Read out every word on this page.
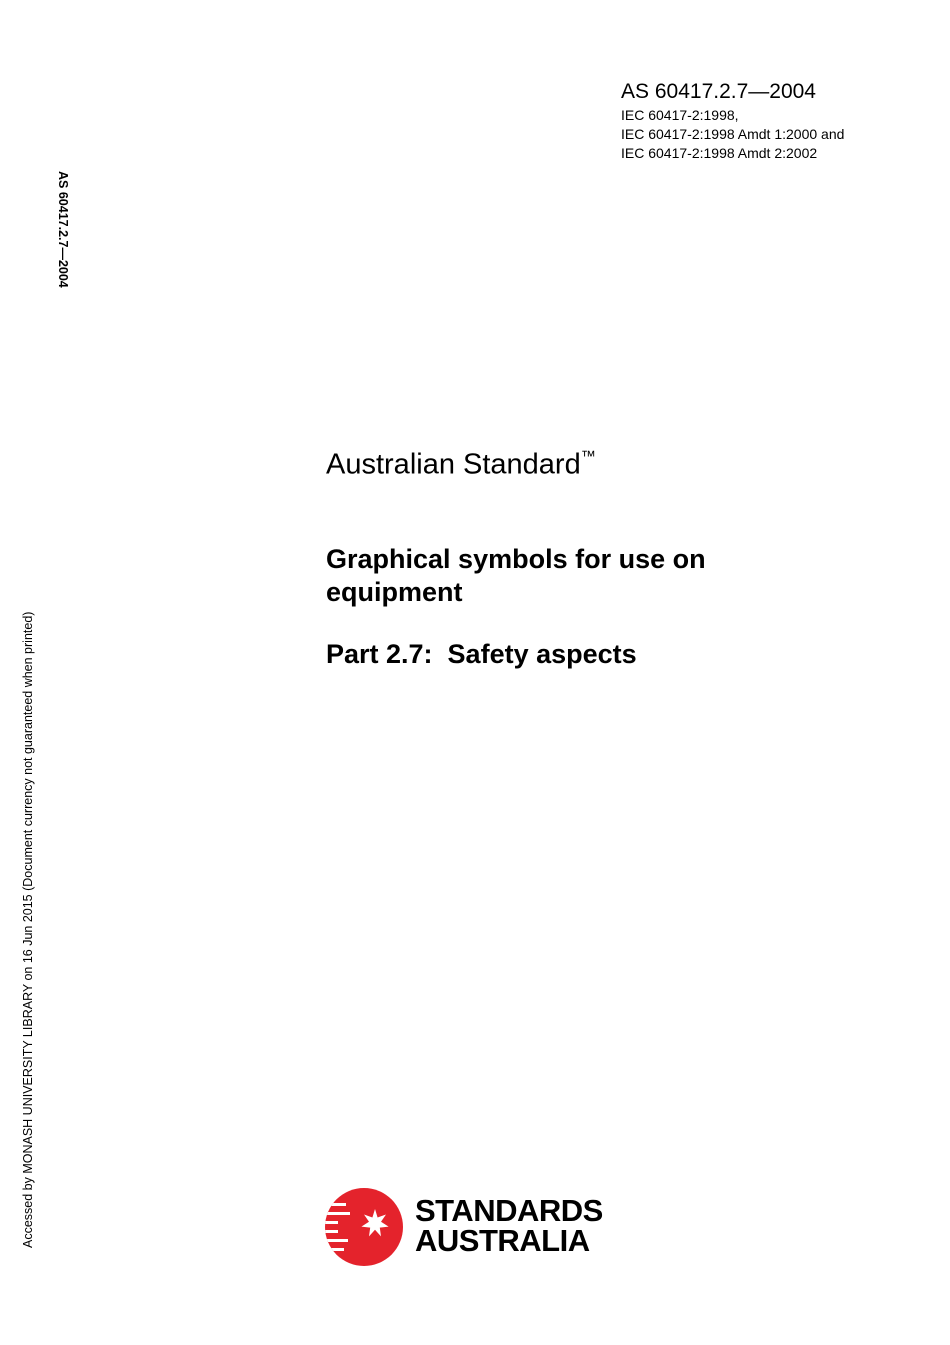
AS 60417.2.7—2004
IEC 60417-2:1998,
IEC 60417-2:1998 Amdt 1:2000 and
IEC 60417-2:1998 Amdt 2:2002
AS 60417.2.7—2004
Accessed by MONASH UNIVERSITY LIBRARY on 16 Jun 2015 (Document currency not guaranteed when printed)
Australian Standard™
Graphical symbols for use on equipment
Part 2.7:  Safety aspects
STANDARDS
AUSTRALIA
